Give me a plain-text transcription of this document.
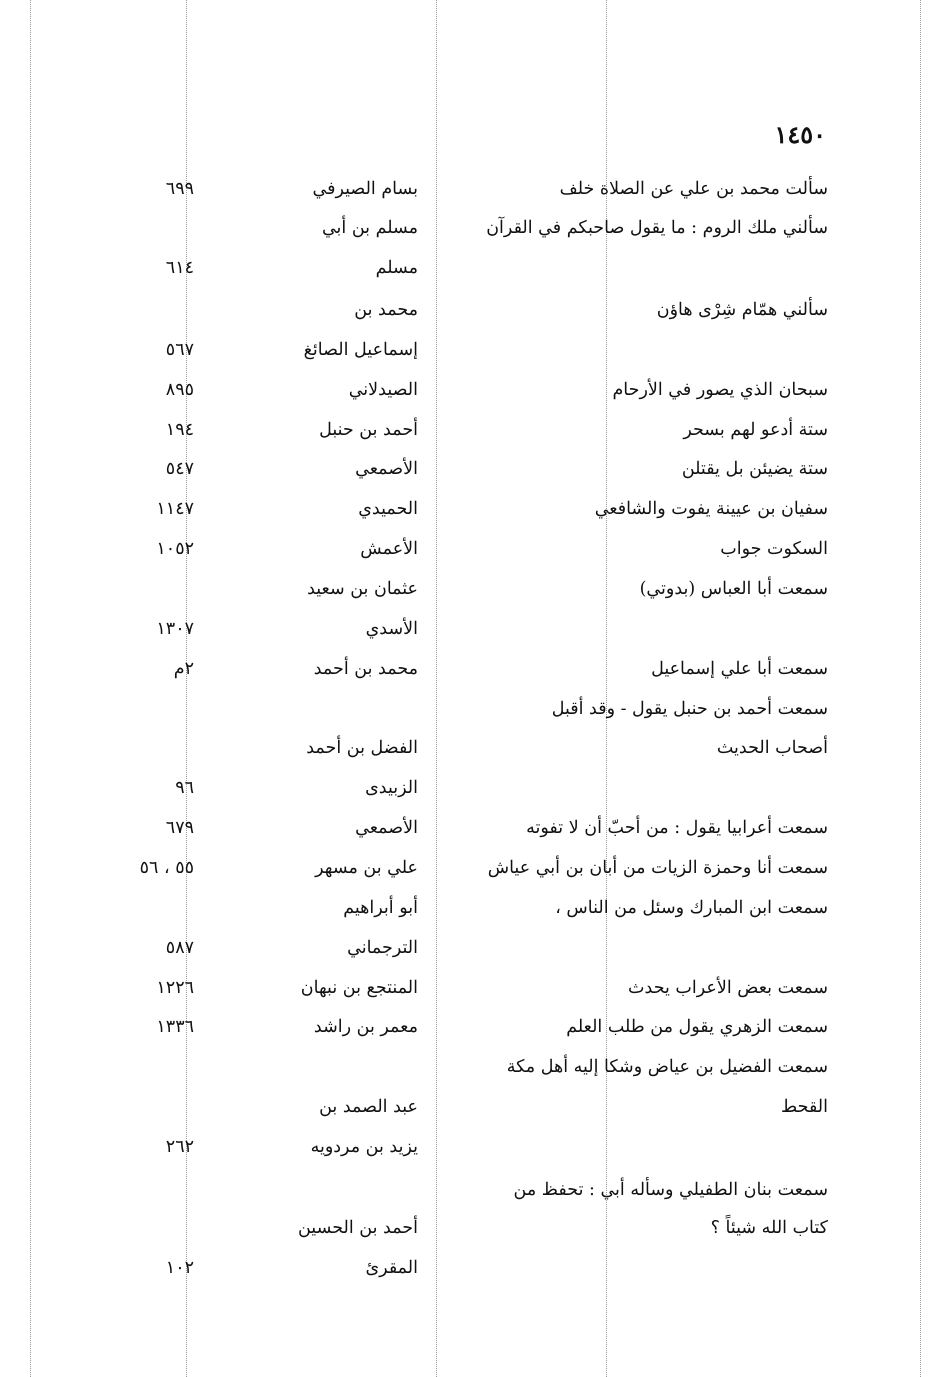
١٤٥٠
سألت محمد بن علي عن الصلاة خلف
بسام الصيرفي
٦٩٩
سألني ملك الروم : ما يقول صاحبكم في القرآن
مسلم بن أبي
مسلم
٦١٤
محمد بن	سألني همّام شِرْى هاؤن
إسماعيل الصائغ
٥٦٧
سبحان الذي يصور في الأرحام
الصيدلاني
٨٩٥
ستة أدعو لهم بسحر
أحمد بن حنبل
١٩٤
ستة يضيئن بل يقتلن
الأصمعي
٥٤٧
سفيان بن عيينة يفوت والشافعي
الحميدي
١١٤٧
السكوت جواب
الأعمش
١٠٥٢
سمعت أبا العباس (بدوتي)
عثمان بن سعيد
الأسدي
١٣٠٧
سمعت أبا علي إسماعيل
محمد بن أحمد
٢م
سمعت أحمد بن حنبل يقول - وقد أقبل
أصحاب الحديث
الفضل بن أحمد
الزبيدى
٩٦
سمعت أعرابيا يقول : من أحبّ أن لا تفوته
الأصمعي
٦٧٩
سمعت أنا وحمزة الزيات من أبان بن أبي عياش
علي بن مسهر
٥٥ ، ٥٦
سمعت ابن المبارك وسئل من الناس ،
أبو أبراهيم
الترجماني
٥٨٧
سمعت بعض الأعراب يحدث
المنتجع بن نبهان
١٢٢٦
سمعت الزهري يقول من طلب العلم
معمر بن راشد
١٣٣٦
سمعت الفضيل بن عياض وشكا إليه أهل مكة
القحط
عبد الصمد بن
يزيد بن مردويه
٢٦٢
سمعت بنان الطفيلي وسأله أبي : تحفظ من
كتاب الله شيئاً ؟
أحمد بن الحسين
المقرئ
١٠٢
